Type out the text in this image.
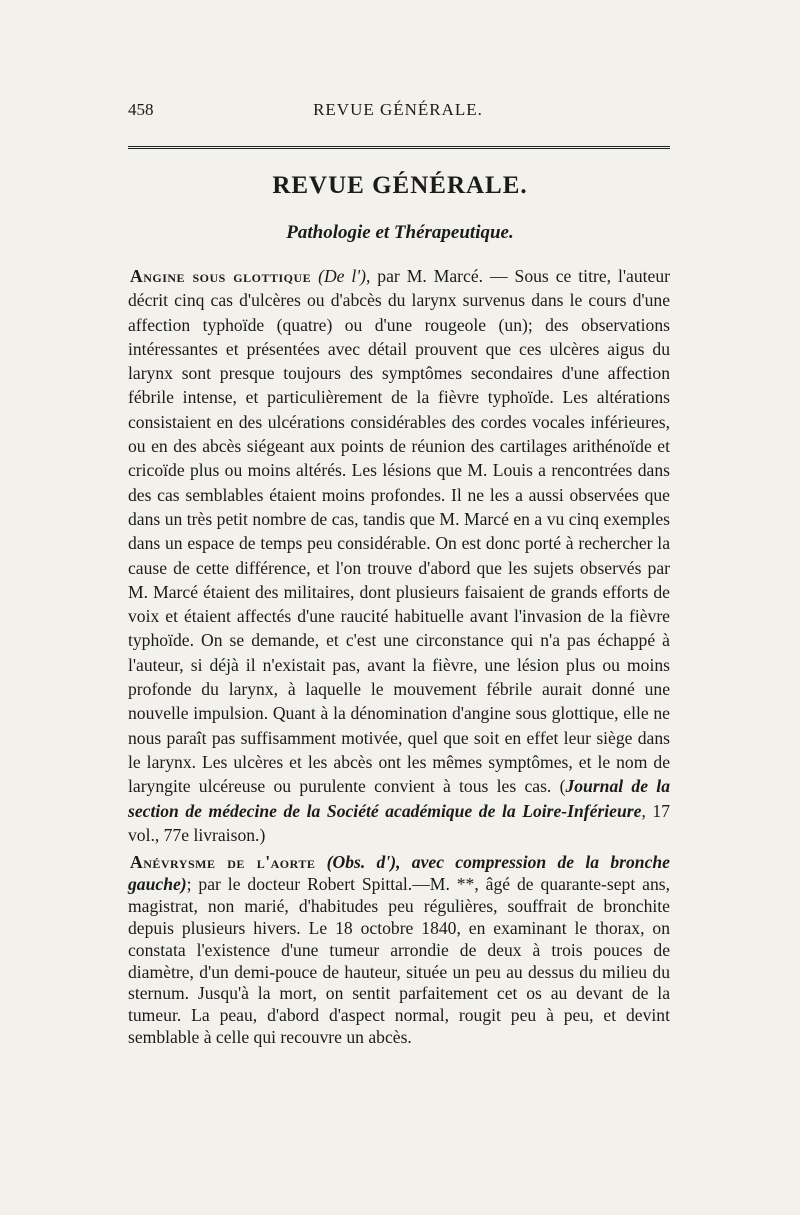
458	REVUE GÉNÉRALE.
REVUE GÉNÉRALE.
Pathologie et Thérapeutique.

Angine sous glottique (De l'), par M. Marcé. — Sous ce titre, l'auteur décrit cinq cas d'ulcères ou d'abcès du larynx survenus dans le cours d'une affection typhoïde (quatre) ou d'une rougeole (un); des observations intéressantes et présentées avec détail prouvent que ces ulcères aigus du larynx sont presque toujours des symptômes secondaires d'une affection fébrile intense, et particulièrement de la fièvre typhoïde. Les altérations consistaient en des ulcérations considérables des cordes vocales inférieures, ou en des abcès siégeant aux points de réunion des cartilages arithénoïde et cricoïde plus ou moins altérés. Les lésions que M. Louis a rencontrées dans des cas semblables étaient moins profondes. Il ne les a aussi observées que dans un très petit nombre de cas, tandis que M. Marcé en a vu cinq exemples dans un espace de temps peu considérable. On est donc porté à rechercher la cause de cette différence, et l'on trouve d'abord que les sujets observés par M. Marcé étaient des militaires, dont plusieurs faisaient de grands efforts de voix et étaient affectés d'une raucité habituelle avant l'invasion de la fièvre typhoïde. On se demande, et c'est une circonstance qui n'a pas échappé à l'auteur, si déjà il n'existait pas, avant la fièvre, une lésion plus ou moins profonde du larynx, à laquelle le mouvement fébrile aurait donné une nouvelle impulsion. Quant à la dénomination d'angine sous glottique, elle ne nous paraît pas suffisamment motivée, quel que soit en effet leur siège dans le larynx. Les ulcères et les abcès ont les mêmes symptômes, et le nom de laryngite ulcéreuse ou purulente convient à tous les cas. (Journal de la section de médecine de la Société académique de la Loire-Inférieure, 17 vol., 77e livraison.)

Anévrysme de l'aorte (Obs. d'), avec compression de la bronche gauche); par le docteur Robert Spittal.—M. **, âgé de quarante-sept ans, magistrat, non marié, d'habitudes peu régulières, souffrait de bronchite depuis plusieurs hivers. Le 18 octobre 1840, en examinant le thorax, on constata l'existence d'une tumeur arrondie de deux à trois pouces de diamètre, d'un demi-pouce de hauteur, située un peu au dessus du milieu du sternum. Jusqu'à la mort, on sentit parfaitement cet os au devant de la tumeur. La peau, d'abord d'aspect normal, rougit peu à peu, et devint semblable à celle qui recouvre un abcès.
